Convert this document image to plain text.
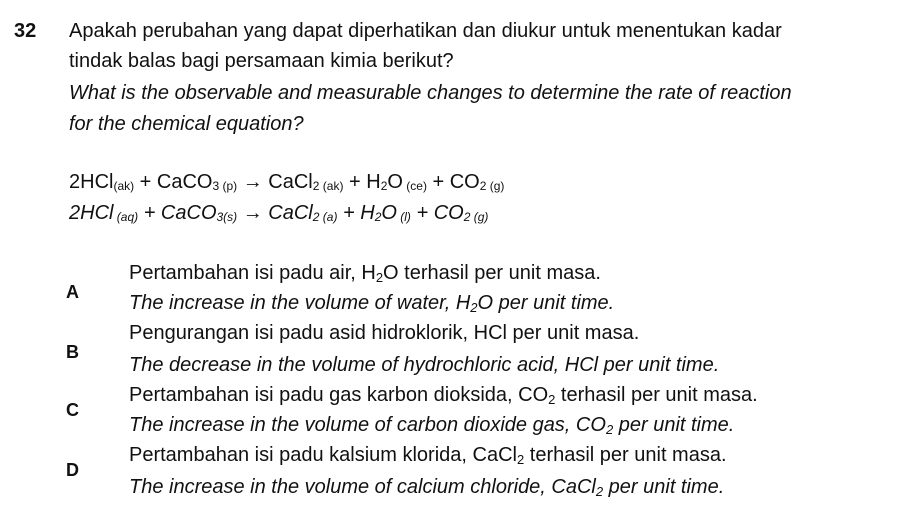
32 Apakah perubahan yang dapat diperhatikan dan diukur untuk menentukan kadar
tindak balas bagi persamaan kimia berikut?
What is the observable and measurable changes to determine the rate of reaction
for the chemical equation?
2HCl$_{(ak)}$ + CaCO$_3$ $_{(p)}$ → CaCl$_2$ $_{(ak)} + H_2O$ $_{(ce)} + CO_2$ $_{(g)}$
2HCl $_{(aq)}$ + CaCO$_{3(s)}$ → CaCl$_2$ $_{(a)} + H_2O$ $_{(l)} + CO_2$ $_{(g)}$
A
Pertambahan isi padu air, $H_2O$ terhasil per unit masa.
The increase in the volume of water, $H_2O$ per unit time.
B
Pengurangan isi padu asid hidroklorik, HCl per unit masa.
The decrease in the volume of hydrochloric acid, HCl per unit time.
C
Pertambahan isi padu gas karbon dioksida, $CO_2$ terhasil per unit masa.
The increase in the volume of carbon dioxide gas, $CO_2$ per unit time.
D
Pertambahan isi padu kalsium klorida, CaCl$_2$ terhasil per unit masa.
The increase in the volume of calcium chloride, CaCl$_2$ per unit time.
